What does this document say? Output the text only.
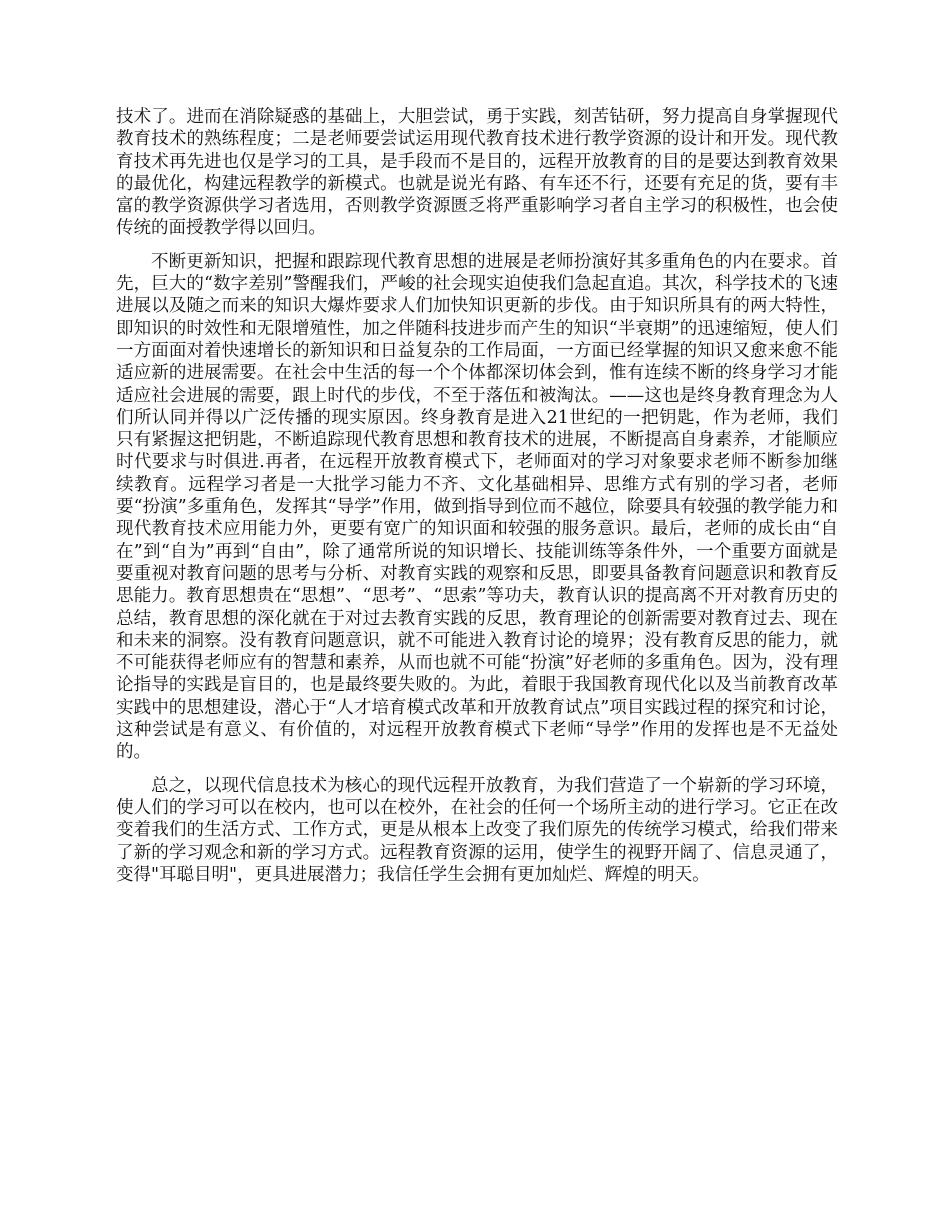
技术了。进而在消除疑惑的基础上，大胆尝试，勇于实践，刻苦钻研，努力提高自身掌握现代教育技术的熟练程度；二是老师要尝试运用现代教育技术进行教学资源的设计和开发。现代教育技术再先进也仅是学习的工具，是手段而不是目的，远程开放教育的目的是要达到教育效果的最优化，构建远程教学的新模式。也就是说光有路、有车还不行，还要有充足的货，要有丰富的教学资源供学习者选用，否则教学资源匮乏将严重影响学习者自主学习的积极性，也会使传统的面授教学得以回归。

不断更新知识，把握和跟踪现代教育思想的进展是老师扮演好其多重角色的内在要求。首先，巨大的“数字差别”警醒我们，严峻的社会现实迫使我们急起直追。其次，科学技术的飞速进展以及随之而来的知识大爆炸要求人们加快知识更新的步伐。由于知识所具有的两大特性，即知识的时效性和无限增殖性，加之伴随科技进步而产生的知识“半衰期”的迅速缩短，使人们一方面面对着快速增长的新知识和日益复杂的工作局面，一方面已经掌握的知识又愈来愈不能适应新的进展需要。在社会中生活的每一个个体都深切体会到，惟有连续不断的终身学习才能适应社会进展的需要，跟上时代的步伐，不至于落伍和被淘汰。——这也是终身教育理念为人们所认同并得以广泛传播的现实原因。终身教育是进入21世纪的一把钥匙，作为老师，我们只有紧握这把钥匙，不断追踪现代教育思想和教育技术的进展，不断提高自身素养，才能顺应时代要求与时俱进.再者，在远程开放教育模式下，老师面对的学习对象要求老师不断参加继续教育。远程学习者是一大批学习能力不齐、文化基础相异、思维方式有别的学习者，老师要“扮演”多重角色，发挥其“导学”作用，做到指导到位而不越位，除要具有较强的教学能力和现代教育技术应用能力外，更要有宽广的知识面和较强的服务意识。最后，老师的成长由“自在”到“自为”再到“自由”，除了通常所说的知识增长、技能训练等条件外，一个重要方面就是要重视对教育问题的思考与分析、对教育实践的观察和反思，即要具备教育问题意识和教育反思能力。教育思想贵在“思想”、“思考”、“思索”等功夫，教育认识的提高离不开对教育历史的总结，教育思想的深化就在于对过去教育实践的反思，教育理论的创新需要对教育过去、现在和未来的洞察。没有教育问题意识，就不可能进入教育讨论的境界；没有教育反思的能力，就不可能获得老师应有的智慧和素养，从而也就不可能“扮演”好老师的多重角色。因为，没有理论指导的实践是盲目的，也是最终要失败的。为此，着眼于我国教育现代化以及当前教育改革实践中的思想建设，潜心于“人才培育模式改革和开放教育试点”项目实践过程的探究和讨论，这种尝试是有意义、有价值的，对远程开放教育模式下老师“导学”作用的发挥也是不无益处的。

总之，以现代信息技术为核心的现代远程开放教育，为我们营造了一个崭新的学习环境，使人们的学习可以在校内，也可以在校外，在社会的任何一个场所主动的进行学习。它正在改变着我们的生活方式、工作方式，更是从根本上改变了我们原先的传统学习模式，给我们带来了新的学习观念和新的学习方式。远程教育资源的运用，使学生的视野开阔了、信息灵通了，变得"耳聪目明"，更具进展潜力；我信任学生会拥有更加灿烂、辉煌的明天。
